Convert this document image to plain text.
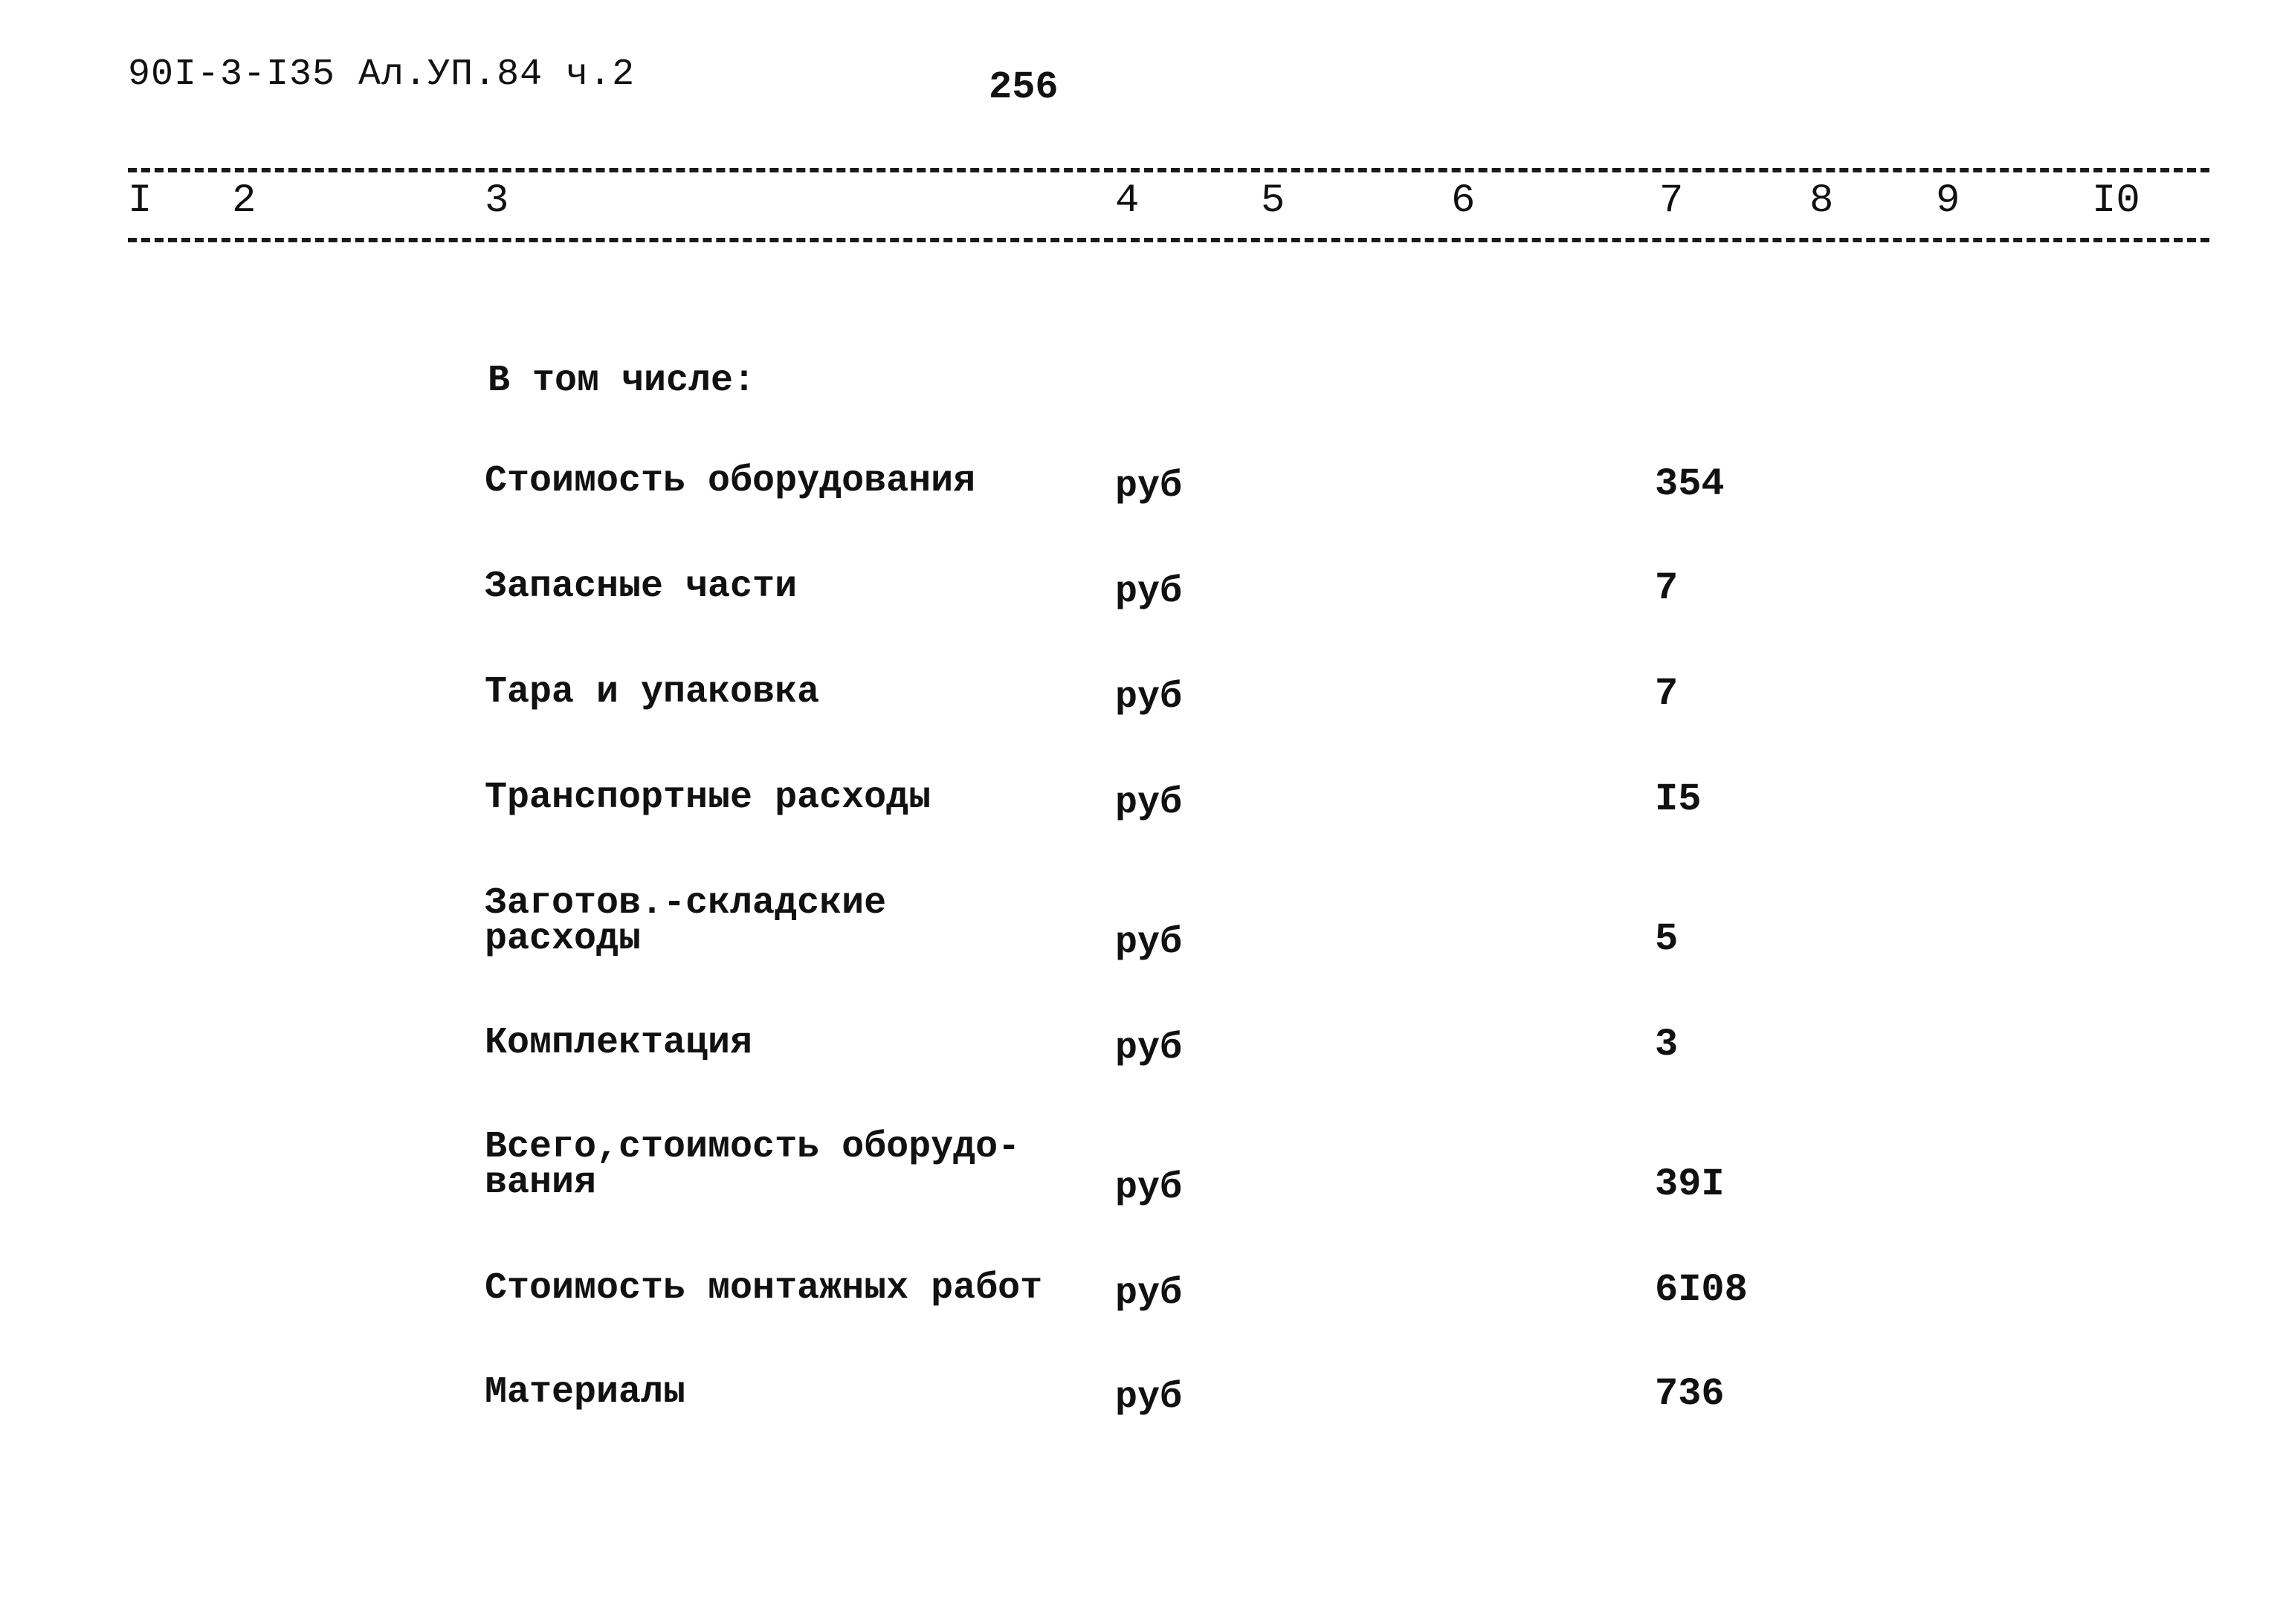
90I-3-I35 Ал.УП.84 ч.2	256
I 2	3	4	5	6	7	8	9	I0
В том числе:
Стоимость оборудования	руб	354
Запасные части	руб	7
Тара и упаковка	руб	7
Транспортные расходы	руб	I5
Заготов.-складские
расходы	руб	5
Комплектация	руб	3
Всего,стоимость оборудо-
вания	руб	39I
Стоимость монтажных работ руб	6I08
Материалы	руб	736
